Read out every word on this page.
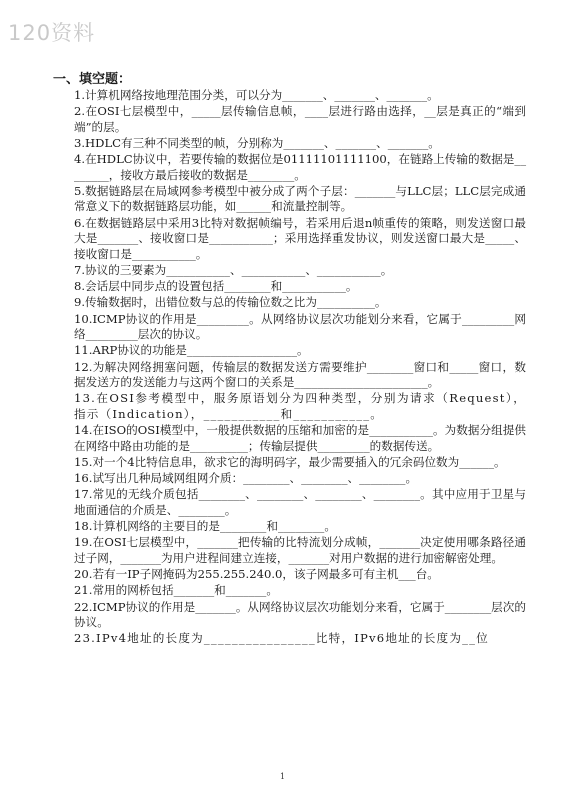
120资料
一、填空题：
1.计算机网络按地理范围分类，可以分为_______、_______、_______。
2.在OSI七层模型中，_____层传输信息帧，____层进行路由选择，__层是真正的“端到端”的层。
3.HDLC有三种不同类型的帧，分别称为_______、_______、_______。
4.在HDLC协议中，若要传输的数据位是01111101111100，在链路上传输的数据是________，接收方最后接收的数据是________。
5.数据链路层在局域网参考模型中被分成了两个子层：_______与LLC层；LLC层完成通常意义下的数据链路层功能，如______和流量控制等。
6.在数据链路层中采用3比特对数据帧编号，若采用后退n帧重传的策略，则发送窗口最大是_______、接收窗口是___________；采用选择重发协议，则发送窗口最大是_____、接收窗口是___________。
7.协议的三要素为___________、___________、___________。
8.会话层中同步点的设置包括________和___________。
9.传输数据时，出错位数与总的传输位数之比为__________。
10.ICMP协议的作用是_________。从网络协议层次功能划分来看，它属于_________网络_________层次的协议。
11.ARP协议的功能是___________________。
12.为解决网络拥塞问题，传输层的数据发送方需要维护________窗口和_____窗口，数据发送方的发送能力与这两个窗口的关系是_______________________。
13.在OSI参考模型中，服务原语划分为四种类型，分别为请求（Request），指示（Indication），___________和___________。
14.在ISO的OSI模型中，一般提供数据的压缩和加密的是___________。为数据分组提供在网络中路由功能的是__________；传输层提供_________的数据传送。
15.对一个4比特信息串，欲求它的海明码字，最少需要插入的冗余码位数为______。
16.试写出几种局域网组网介质：________、________、________。
17.常见的无线介质包括________、________、________、________。其中应用于卫星与地面通信的介质是、________。
18.计算机网络的主要目的是________和________。
19.在OSI七层模型中，_______把传输的比特流划分成帧，_______决定使用哪条路径通过子网，_______为用户进程间建立连接，_______对用户数据的进行加密解密处理。
20.若有一IP子网掩码为255.255.240.0，该子网最多可有主机___台。
21.常用的网桥包括_______和_______。
22.ICMP协议的作用是_______。从网络协议层次功能划分来看，它属于________层次的协议。
23.IPv4地址的长度为________________比特，IPv6地址的长度为__位
1
